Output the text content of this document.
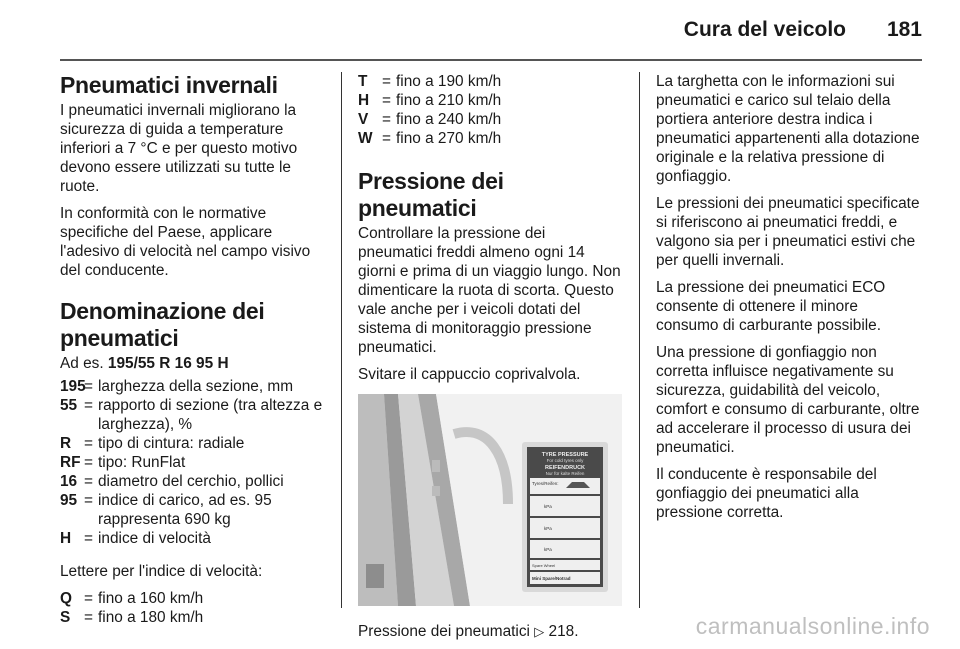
Cura del veicolo 181
Pneumatici invernali

I pneumatici invernali migliorano la sicurezza di guida a temperature inferiori a 7 °C e per questo motivo devono essere utilizzati su tutte le ruote.

In conformità con le normative specifiche del Paese, applicare l'adesivo di velocità nel campo visivo del conducente.

Denominazione dei pneumatici

Ad es. 195/55 R 16 95 H

195
= larghezza della sezione, mm
55 = rapporto di sezione (tra altezza e larghezza), %
R = tipo di cintura: radiale
RF = tipo: RunFlat
16 = diametro del cerchio, pollici
95 = indice di carico, ad es. 95 rappresenta 690 kg
H = indice di velocità

Lettere per l'indice di velocità:

Q = fino a 160 km/h
S = fino a 180 km/h
T = fino a 190 km/h
H = fino a 210 km/h
V = fino a 240 km/h
W = fino a 270 km/h
Pressione dei pneumatici

Controllare la pressione dei pneumatici freddi almeno ogni 14 giorni e prima di un viaggio lungo. Non dimenticare la ruota di scorta. Questo vale anche per i veicoli dotati del sistema di monitoraggio pressione pneumatici.

Svitare il cappuccio coprivalvola.

TYRE PRESSURE
For cold tyres only
REIFENDRUCK
Nur für kalte Reifen
Tyres/Reifen:
kPa
kPa
kPa
Spare Wheel
Mini Spare/Notrad

Pressione dei pneumatici ▷ 218.

La targhetta con le informazioni sui pneumatici e carico sul telaio della portiera anteriore destra indica i pneumatici appartenenti alla dotazione originale e la relativa pressione di gonfiaggio.

Le pressioni dei pneumatici specificate si riferiscono ai pneumatici freddi, e valgono sia per i pneumatici estivi che per quelli invernali.

La pressione dei pneumatici ECO consente di ottenere il minore consumo di carburante possibile.

Una pressione di gonfiaggio non corretta influisce negativamente su sicurezza, guidabilità del veicolo, comfort e consumo di carburante, oltre ad accelerare il processo di usura dei pneumatici.

Il conducente è responsabile del gonfiaggio dei pneumatici alla pressione corretta.

carmanualsonline.info
